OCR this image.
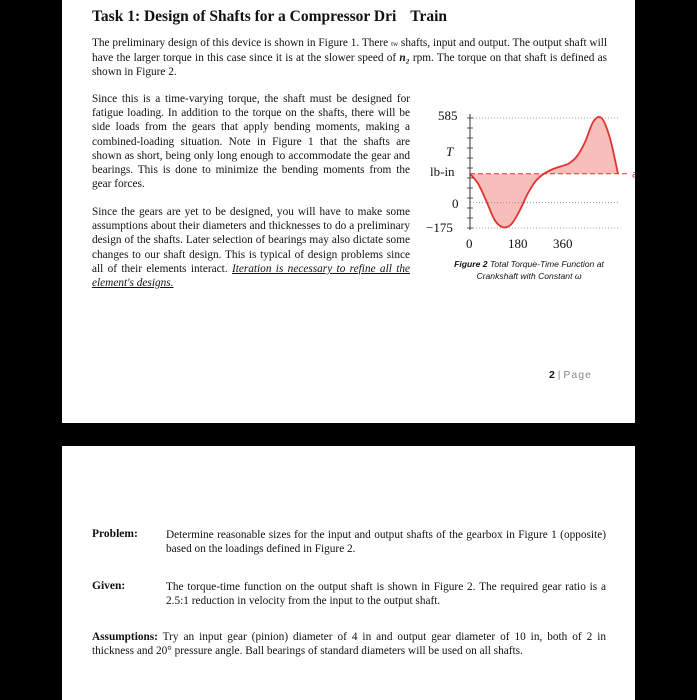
Task 1: Design of Shafts for a Compressor Dri Train
The preliminary design of this device is shown in Figure 1. There tw shafts, input and output. The output shaft will have the larger torque in this case since it is at the slower speed of n₂ rpm. The torque on that shaft is defined as shown in Figure 2.
Since this is a time-varying torque, the shaft must be designed for fatigue loading. In addition to the torque on the shafts, there will be side loads from the gears that apply bending moments, making a combined-loading situation. Note in Figure 1 that the shafts are shown as short, being only long enough to accommodate the gear and bearings. This is done to minimize the bending moments from the gear forces.
Since the gears are yet to be designed, you will have to make some assumptions about their diameters and thicknesses to do a preliminary design of the shafts. Later selection of bearings may also dictate some changes to our shaft design. This is typical of design problems since all of their elements interact. Iteration is necessary to refine all the element's designs.
585
T
lb-in
0
−175
0	180 360
avg
Figure 2 Total Torque-Time Function at Crankshaft with Constant ω
2 | Page
Problem: Determine reasonable sizes for the input and output shafts of the gearbox in Figure 1 (opposite) based on the loadings defined in Figure 2.
Given:	The torque-time function on the output shaft is shown in Figure 2. The required gear ratio is a 2.5:1 reduction in velocity from the input to the output shaft.
Assumptions: Try an input gear (pinion) diameter of 4 in and output gear diameter of 10 in, both of 2 in thickness and 20° pressure angle. Ball bearings of standard diameters will be used on all shafts.
